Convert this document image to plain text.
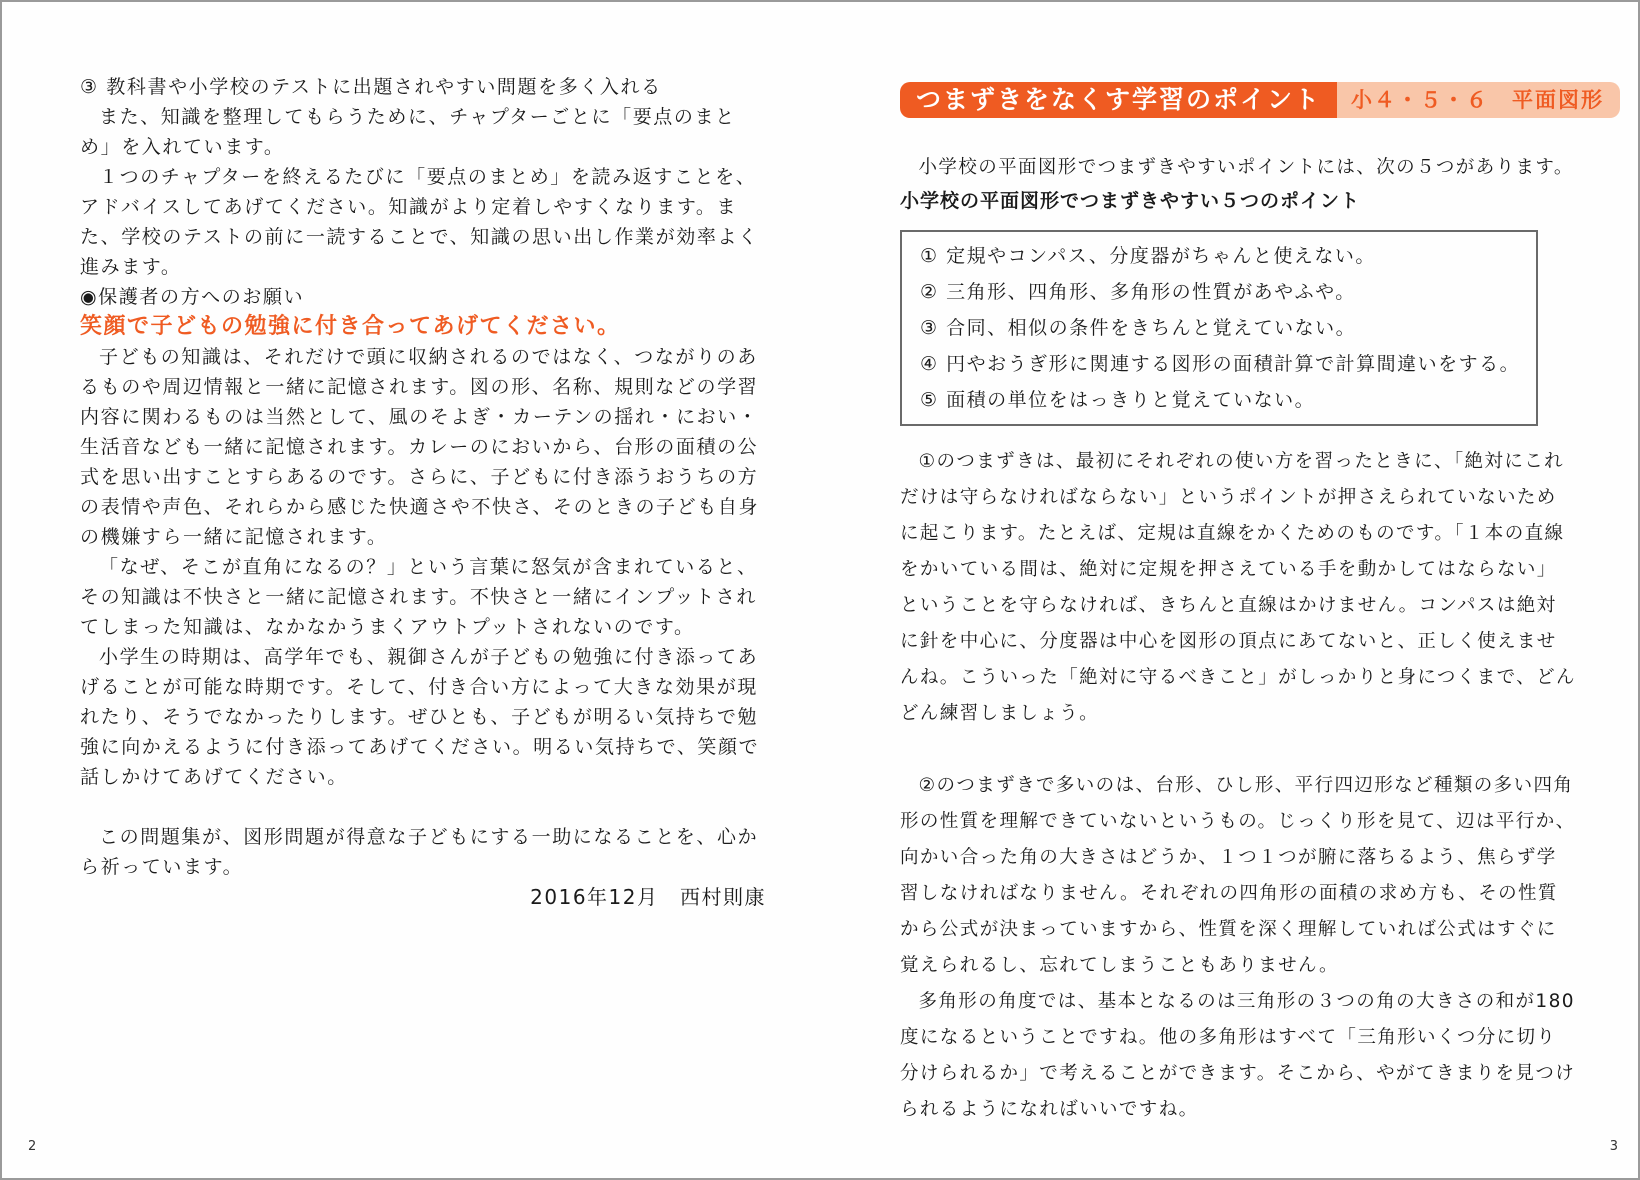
③ 教科書や小学校のテストに出題されやすい問題を多く入れる

また、知識を整理してもらうために、チャプターごとに「要点のまとめ」を入れています。

１つのチャプターを終えるたびに「要点のまとめ」を読み返すことを、アドバイスしてあげてください。知識がより定着しやすくなります。また、学校のテストの前に一読することで、知識の思い出し作業が効率よく進みます。

◉保護者の方へのお願い

笑顔で子どもの勉強に付き合ってあげてください。

子どもの知識は、それだけで頭に収納されるのではなく、つながりのあるものや周辺情報と一緒に記憶されます。図の形、名称、規則などの学習内容に関わるものは当然として、風のそよぎ・カーテンの揺れ・におい・生活音なども一緒に記憶されます。カレーのにおいから、台形の面積の公式を思い出すことすらあるのです。さらに、子どもに付き添うおうちの方の表情や声色、それらから感じた快適さや不快さ、そのときの子ども自身の機嫌すら一緒に記憶されます。

「なぜ、そこが直角になるの？」という言葉に怒気が含まれていると、その知識は不快さと一緒に記憶されます。不快さと一緒にインプットされてしまった知識は、なかなかうまくアウトプットされないのです。

小学生の時期は、高学年でも、親御さんが子どもの勉強に付き添ってあげることが可能な時期です。そして、付き合い方によって大きな効果が現れたり、そうでなかったりします。ぜひとも、子どもが明るい気持ちで勉強に向かえるように付き添ってあげてください。明るい気持ちで、笑顔で話しかけてあげてください。

この問題集が、図形問題が得意な子どもにする一助になることを、心から祈っています。

2016年12月　西村則康

2	3
つまずきをなくす学習のポイント	小４・５・６　平面図形

小学校の平面図形でつまずきやすいポイントには、次の５つがあります。

小学校の平面図形でつまずきやすい５つのポイント

① 定規やコンパス、分度器がちゃんと使えない。
② 三角形、四角形、多角形の性質があやふや。
③ 合同、相似の条件をきちんと覚えていない。
④ 円やおうぎ形に関連する図形の面積計算で計算間違いをする。
⑤ 面積の単位をはっきりと覚えていない。

①のつまずきは、最初にそれぞれの使い方を習ったときに、「絶対にこれだけは守らなければならない」というポイントが押さえられていないために起こります。たとえば、定規は直線をかくためのものです。「１本の直線をかいている間は、絶対に定規を押さえている手を動かしてはならない」ということを守らなければ、きちんと直線はかけません。コンパスは絶対に針を中心に、分度器は中心を図形の頂点にあてないと、正しく使えませんね。こういった「絶対に守るべきこと」がしっかりと身につくまで、どんどん練習しましょう。

②のつまずきで多いのは、台形、ひし形、平行四辺形など種類の多い四角形の性質を理解できていないというもの。じっくり形を見て、辺は平行か、向かい合った角の大きさはどうか、１つ１つが腑に落ちるよう、焦らず学習しなければなりません。それぞれの四角形の面積の求め方も、その性質から公式が決まっていますから、性質を深く理解していれば公式はすぐに覚えられるし、忘れてしまうこともありません。

多角形の角度では、基本となるのは三角形の３つの角の大きさの和が180度になるということですね。他の多角形はすべて「三角形いくつ分に切り分けられるか」で考えることができます。そこから、やがてきまりを見つけられるようになればいいですね。
